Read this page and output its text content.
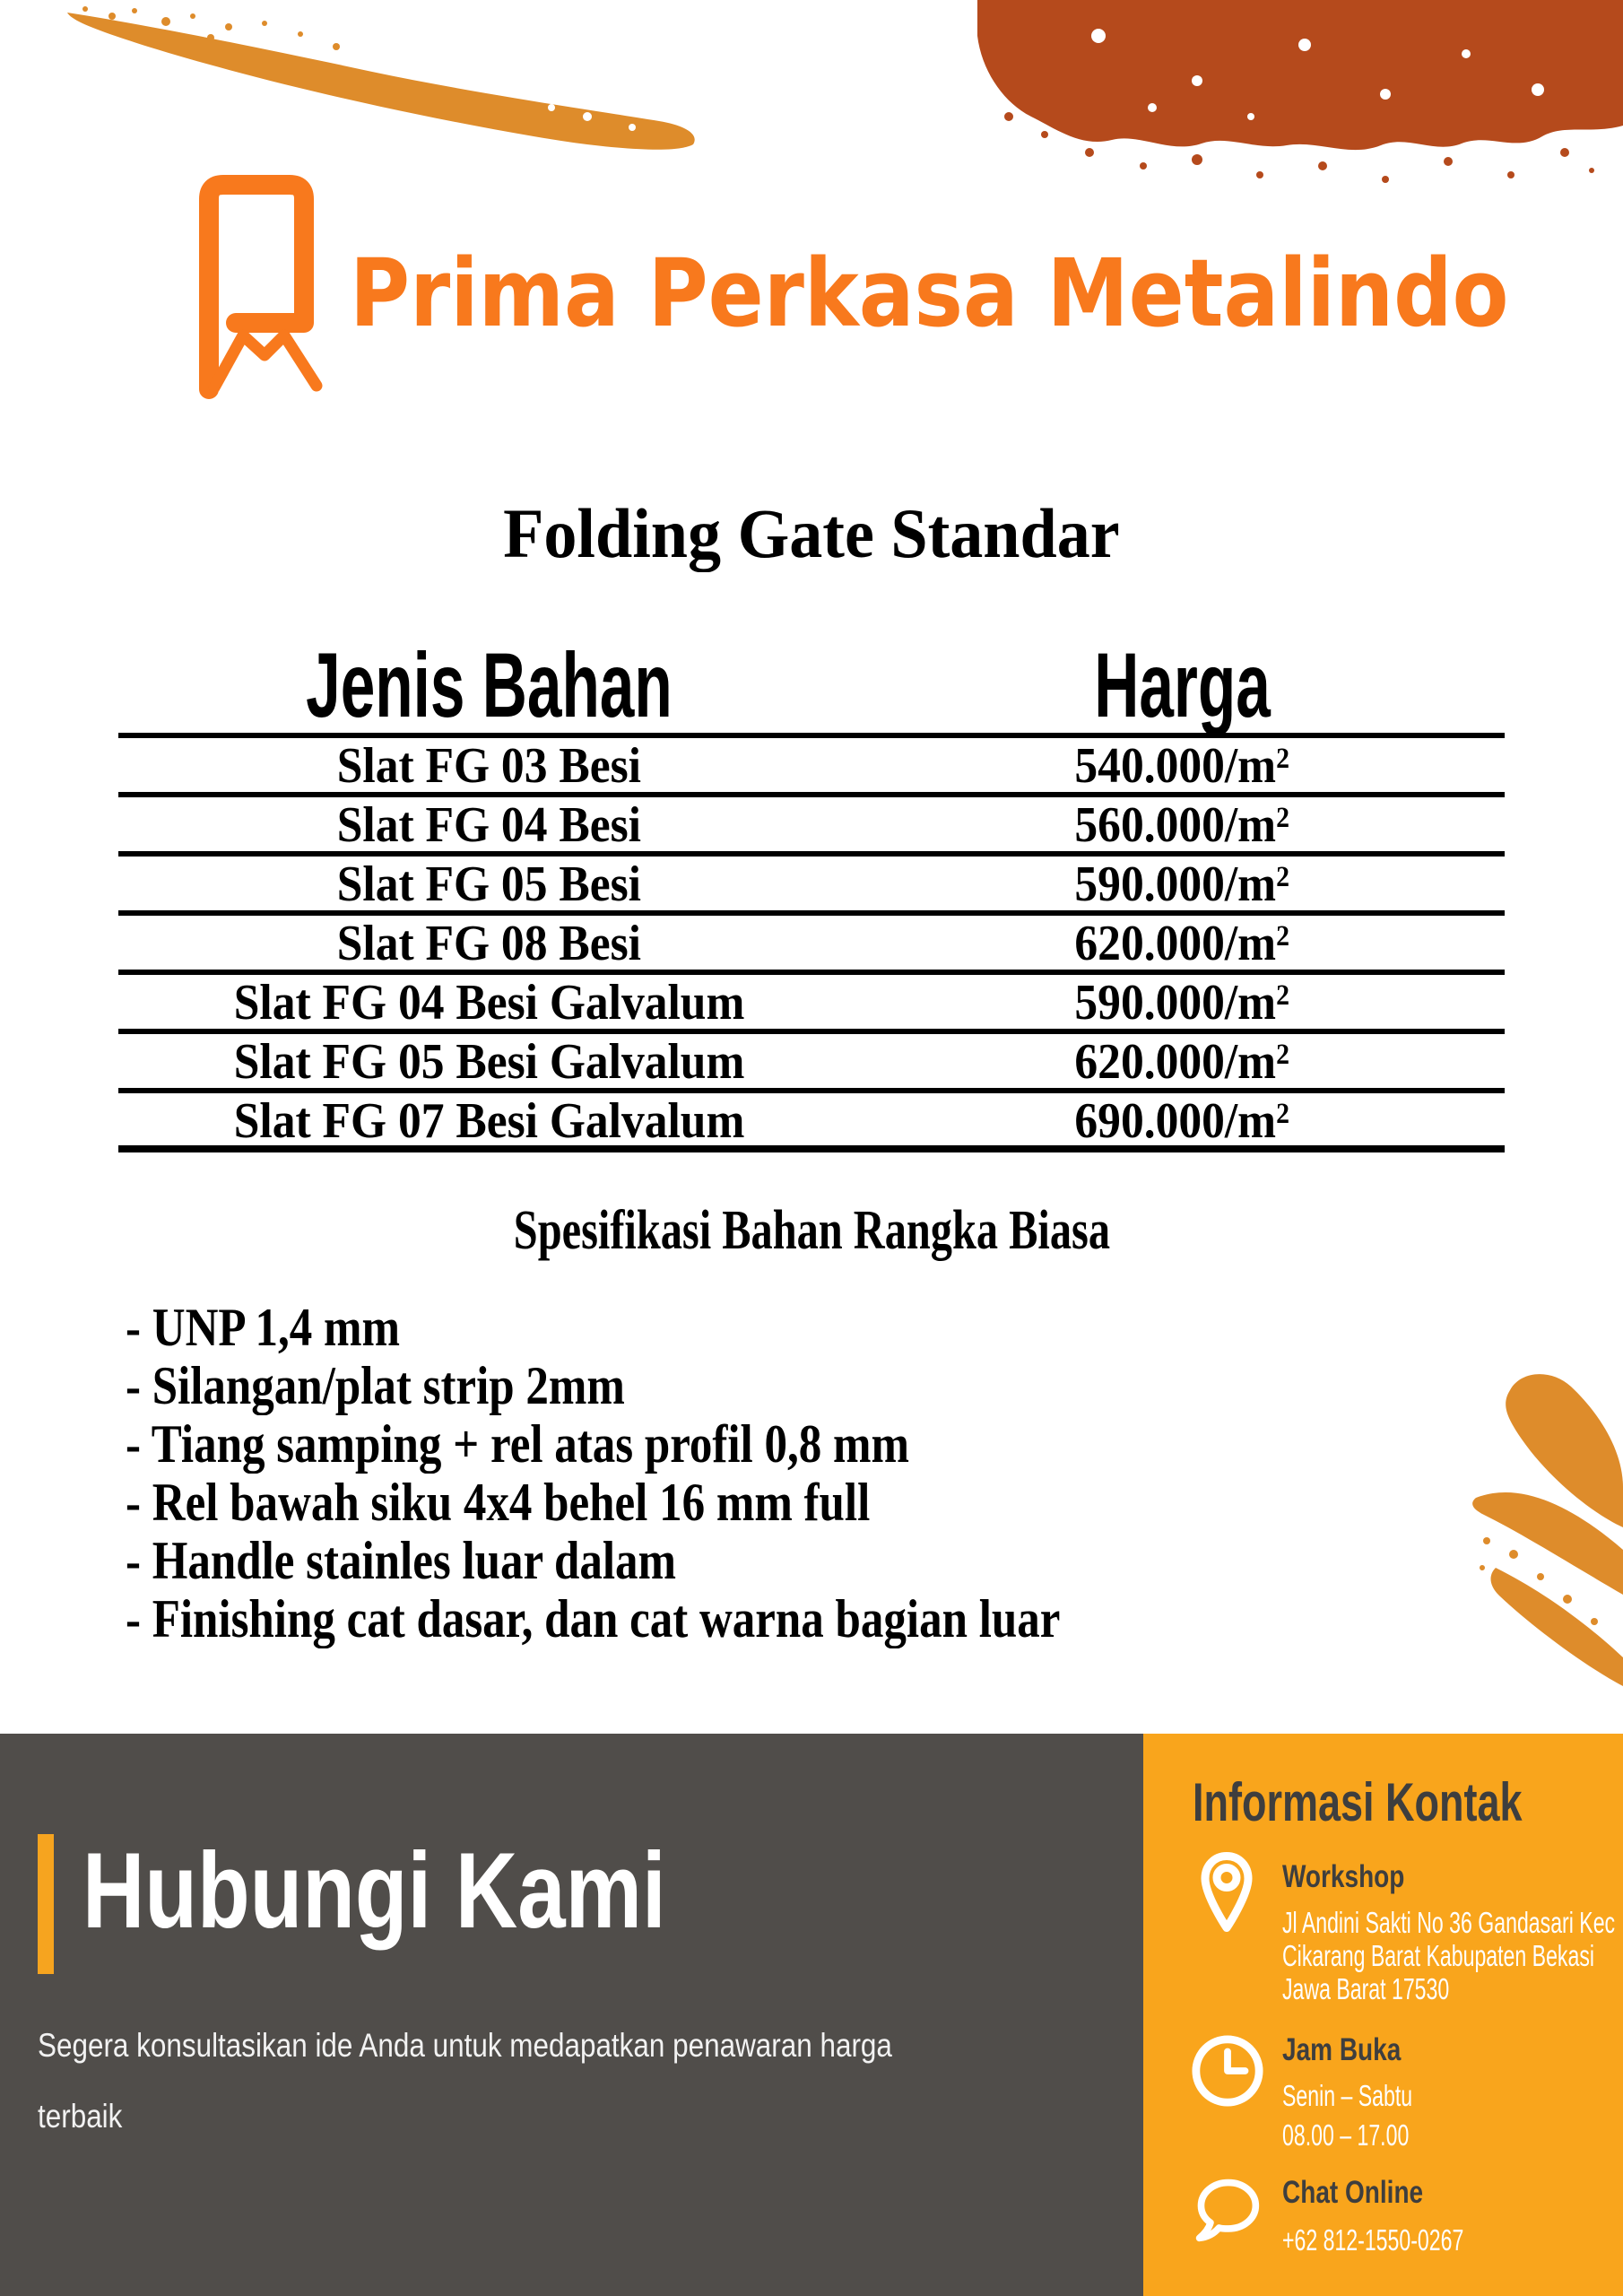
Prima Perkasa Metalindo
Folding Gate Standar
Jenis Bahan	Harga
Slat FG 03 Besi	$540.000/m^2$
Slat FG 04 Besi	$560.000/m^2$
Slat FG 05 Besi	$590.000/m^2$
Slat FG 08 Besi	$620.000/m^2$
Slat FG 04 Besi Galvalum	$590.000/m^2$
Slat FG 05 Besi Galvalum	$620.000/m^2$
Slat FG 07 Besi Galvalum	$690.000/m^2$
Spesifikasi Bahan Rangka Biasa
- UNP 1,4 mm
- Silangan/plat strip 2mm
- Tiang samping + rel atas profil 0,8 mm
- Rel bawah siku 4x4 behel 16 mm full
- Handle stainles luar dalam
- Finishing cat dasar, dan cat warna bagian luar
Hubungi Kami
Segera konsultasikan ide Anda untuk medapatkan penawaran harga
terbaik
Informasi Kontak
Workshop
Jl Andini Sakti No 36 Gandasari Kec
Cikarang Barat Kabupaten Bekasi
Jawa Barat 17530
Jam Buka
Senin – Sabtu
08.00 – 17.00
Chat Online
+62 812-1550-0267
